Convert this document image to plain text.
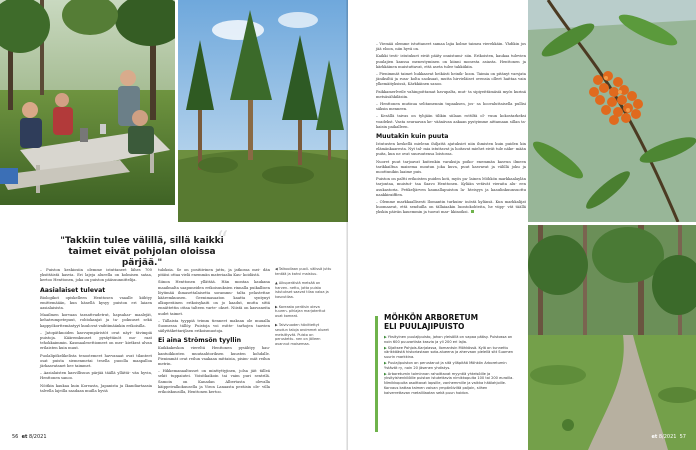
“
"Takkiin tulee välillä, sillä kaikki taimet eivät pohjolan oloissa pärjää."

– Puiston keskiosiin olemme istuttaneet lähes 700 yksittäistä kasvia. Eri lajeja alueella on kolmisen sataa, kertoo Henttonen, joka on puiston pääsuunnittelija.

Aasialaiset tulevat

Biologikot opiskelleen Henttosen vaaalle kiihtyy emittemäään, kun hänellä kysyy puiston eri laiaen aasialaisista.

Maailmen korvaan taraattvadetrut, hapsahar- maalejät, kehatrumpetepuut, rohtokanjat ja ta- pokuuset sekä kappyökorttemäntyyt kuulovat vaihtimäänkin erikoisilla.

– Jatopätknoiden kasvuympäristöt ovat näyt- tävimpiä puistoja. Kääremkuuset pysäyttänöt mo- raat tehokkaimmin. Kasmaalesettiomeet on mer- kietkrat ulvan erilaisten kuin muut.

Puolalipökelikelista tenootemeet havvanaat ovat tilanteet osat puista siemenmetai tesella puoolla maapalloa järkaavatanet hee taimmet.

– Aasialaisten kasvillisuus pärjää täällä yllättä- vän hyvin, Henttonen sanoo.

Nöitkin kaukaa kuin Koreasta, Japanista ja Ikandiartaasia talvella lajeilla saadaan muilla hyviä

tuloksia. Se on positiivinen juttu, ja jatkossa mei- dän pitäisi ottaa vielä enemmän materiaalia Kau- koidästä.

Siinon Henttonen yllättää. Hän montaa kaukana maailmalta saapuneiden erikoisuuksien rinnalla puikallisen löytimää ihmasettalaisetta sorammu- talta pelastettae kääremkuusen. Geenimasaaton kaatta syntynyt alkuperäinen erikoisykaiti on jo kaadut, mutta sittä ennättettin ottaa talteen varte- okset. Niistä on kasvaneita uudet taimet.

– Tällaista tyyppiä tvimm tienneet maksan ole muualla Suomessa tällöy. Puistoja voi esitte- tarhojen taovien säilyttäkettarijlaen erikoismuotoja.

Ei aina Strömsön tyyllin

Kuikkakeskon viereltä Henttonen pysähtyy hau- kantuikkosten muutaahtoriksen kuusten kohdalle. Pienimmät ovat reilun vaakaan mittaisia, pisim- mät reilun metrin.

– Hikkemanaaltusset on minttyttyjinen, jolsa jäit tälleä sekit tuppaiutei. Voisitkaikoin tai vaim puri sentrilä. Samoin on Kanadan Albertasta olevalla käippeivalkokuusella ja Viron Lanaasta peräisin ole- villa erikoiskuusilla, Henttonen kertoo.

◀ Talkoollaan puoli- välissä juttu tentää ja kahvi maistuu.

▲ Alkuperäistä metsää on harven- nettu, jotta puisto istutukset saavat tilaa valoa ja kasvutilaa.

▶ Koreasta peräisin oleva tuuren- pihlajan marjaterttut ovat komeat.

▶ Talvivuoden hävittettyt seudun taloja aroimmet alueet metsittyvät. Puisto on perustettu- nen on jälleen avannut maisemaa.

56 et 8/2021

– Viemää olemme istuttaneet samaa lajia kolme taimea vierekkäin. Yhdikin jos jää eloon, niin hyvä on.

Kaikki testi- istutukset eivät pääty onnistumi- siin. Erikoisten, kaukaa tulevien puulajien kanssa menestyminen on kiinni monesta asiasta. Henttonen ja kärkkäinen muistuttavat, että aseta tulee takkiikiin.

– Pienimmät taimet hukkaavat heikästi heinik- koon. Taimia on pitänyt varsjata jäniksiltä ja rusa- kolta saoksaat, mutta hirvieläiset ovensia olleet haittaa vain ylkemäityksissä, Kärkkäinen sanoo.

Paikkamerlveile vahingoittamat havupalta, mut- ta sipiyeittämäsiä myös kurinä metsäsähkiläsiin.

– Henttonen mutisua selitamennin tupaaksen, jos- sa hoovaluttaisella pullisi säksin menneen.

– Kesällä taivas on tyhjään tilikin siilaan rottiltä ol- vuun kokostarkeksi voadekst. Vasta seuraavan ke- väänävan aakaan pystyimme aittamaan sillan ta- kaisin paikalleen.

Muutakin kuin puuta

Istutusten keskellä mielenn ihiljattä ajatuksiet niin ihmisten kuin puiden kin elämänkaaresta. Nyt tal- mia istuttavat ja hoitavat miehet eivät tule näke- mään puita, kun ne ovat suuruutensa loistossa.

Nuoret puut tarjoavat kuitenkin varaksija poiko- enemmän kasvun ilmeen tarikkailtua maisema moutun joka kuva, puut kasvavat ja välillä joku ja moottunikin laaime puis.

Puiston on paltti erikoisten puiden koti, myös pa- lainen Möhkön markkaalaylän tarjontaa, muistut- taa Saavo Henttonen. Kylään vetävät vieraita alu- een asukastoria. Petikeljärven kaunallapuiston la- hteisyys ja kaaulinkuunsuottu naakkiraiffien.

– Olemme markkaallisesti Ilomantin turkuim- inöstä kylänsä. Kun markkalijat huomaavat, että senduilla on tällaiaakin luontokohteita, he viipy- vät täällä ykskin päivän kauemmin ja tuovat mar- kkinoiksi.

MÖHKÖN ARBORETUM
ELI PUULAJIPUISTO
▶Yksityinen puulajipuisto, johon yleisöllä on vapaa pääsy. Puistossa on noin 600 puuvartista kasvia ja yli 200 eri lajia.
▶Sijaitsee Pohjois-Karjalassa, Ilomantsin Möhkössä. Kylä on tunnettu värikkäästä historiastaan sota-alueena ja ahervaan pielellä sitt Suomen suurin markkina.
▶Puulajipuiston on perustanut ja sitä ylläpitää Möhkön Arboretumin Ystävät ry, noin 20 jäsenen yhdistys.
▶Arboretumin toiminnan rahoittavat myyntiä yhteisöille ja yksityishenkilöille puiston istutettavia nimikkopuita 100 tai 200 euroilla. Nimikkopuita osoittavat lapsille, vanhemmille ja vaikka häälahjoille. Korvaus kattaa taimen vaivan ympäröiviltä paljoin, siihen kaiverrettavan metallilaatan sekä puun hoidon.
et 8/2021 57
